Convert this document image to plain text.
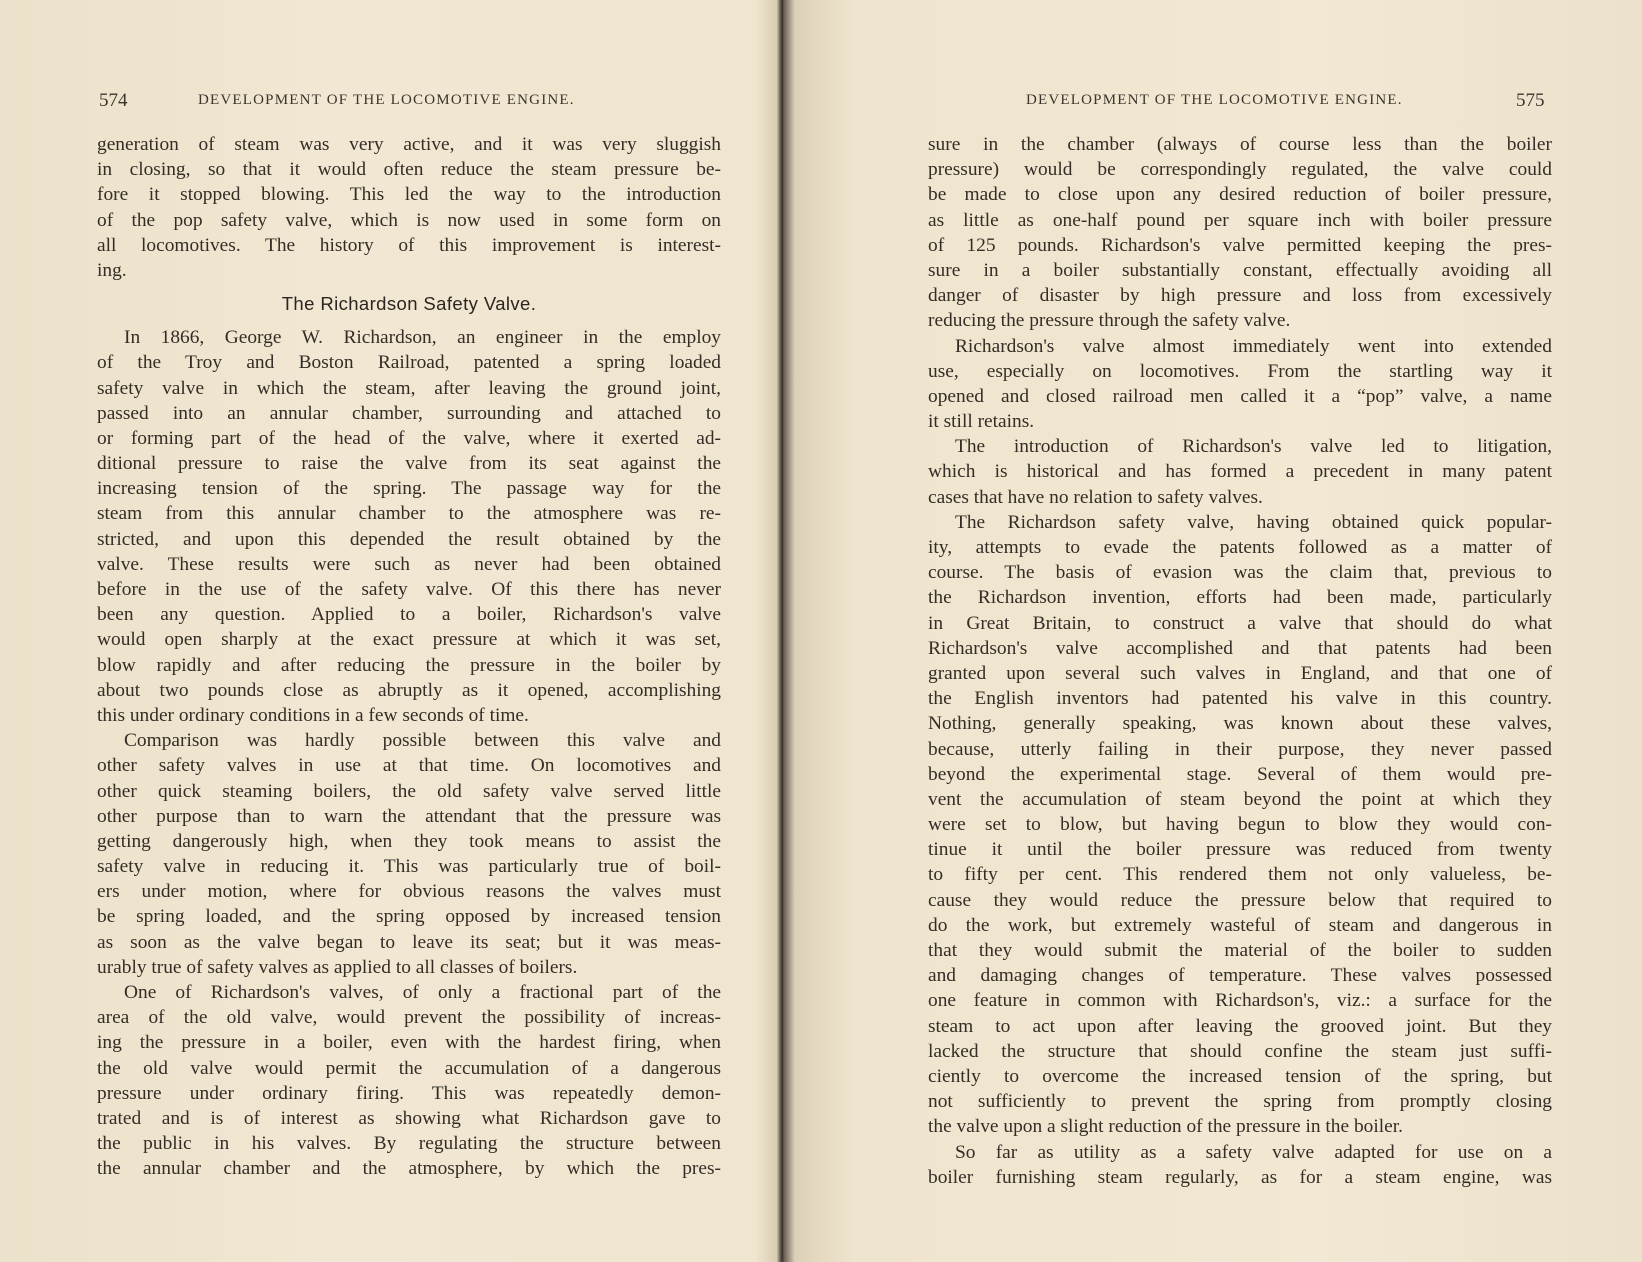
574	DEVELOPMENT OF THE LOCOMOTIVE ENGINE.
generation of steam was very active, and it was very sluggish
in closing, so that it would often reduce the steam pressure be-
fore it stopped blowing. This led the way to the introduction
of the pop safety valve, which is now used in some form on
all locomotives. The history of this improvement is interest-
ing.
The Richardson Safety Valve.
In 1866, George W. Richardson, an engineer in the employ
of the Troy and Boston Railroad, patented a spring loaded
safety valve in which the steam, after leaving the ground joint,
passed into an annular chamber, surrounding and attached to
or forming part of the head of the valve, where it exerted ad-
ditional pressure to raise the valve from its seat against the
increasing tension of the spring. The passage way for the
steam from this annular chamber to the atmosphere was re-
stricted, and upon this depended the result obtained by the
valve. These results were such as never had been obtained
before in the use of the safety valve. Of this there has never
been any question. Applied to a boiler, Richardson's valve
would open sharply at the exact pressure at which it was set,
blow rapidly and after reducing the pressure in the boiler by
about two pounds close as abruptly as it opened, accomplishing
this under ordinary conditions in a few seconds of time.
Comparison was hardly possible between this valve and
other safety valves in use at that time. On locomotives and
other quick steaming boilers, the old safety valve served little
other purpose than to warn the attendant that the pressure was
getting dangerously high, when they took means to assist the
safety valve in reducing it. This was particularly true of boil-
ers under motion, where for obvious reasons the valves must
be spring loaded, and the spring opposed by increased tension
as soon as the valve began to leave its seat; but it was meas-
urably true of safety valves as applied to all classes of boilers.
One of Richardson's valves, of only a fractional part of the
area of the old valve, would prevent the possibility of increas-
ing the pressure in a boiler, even with the hardest firing, when
the old valve would permit the accumulation of a dangerous
pressure under ordinary firing. This was repeatedly demon-
trated and is of interest as showing what Richardson gave to
the public in his valves. By regulating the structure between
the annular chamber and the atmosphere, by which the pres-
DEVELOPMENT OF THE LOCOMOTIVE ENGINE.	575
sure in the chamber (always of course less than the boiler
pressure) would be correspondingly regulated, the valve could
be made to close upon any desired reduction of boiler pressure,
as little as one-half pound per square inch with boiler pressure
of 125 pounds. Richardson's valve permitted keeping the pres-
sure in a boiler substantially constant, effectually avoiding all
danger of disaster by high pressure and loss from excessively
reducing the pressure through the safety valve.
Richardson's valve almost immediately went into extended
use, especially on locomotives. From the startling way it
opened and closed railroad men called it a “pop” valve, a name
it still retains.
The introduction of Richardson's valve led to litigation,
which is historical and has formed a precedent in many patent
cases that have no relation to safety valves.
The Richardson safety valve, having obtained quick popular-
ity, attempts to evade the patents followed as a matter of
course. The basis of evasion was the claim that, previous to
the Richardson invention, efforts had been made, particularly
in Great Britain, to construct a valve that should do what
Richardson's valve accomplished and that patents had been
granted upon several such valves in England, and that one of
the English inventors had patented his valve in this country.
Nothing, generally speaking, was known about these valves,
because, utterly failing in their purpose, they never passed
beyond the experimental stage. Several of them would pre-
vent the accumulation of steam beyond the point at which they
were set to blow, but having begun to blow they would con-
tinue it until the boiler pressure was reduced from twenty
to fifty per cent. This rendered them not only valueless, be-
cause they would reduce the pressure below that required to
do the work, but extremely wasteful of steam and dangerous in
that they would submit the material of the boiler to sudden
and damaging changes of temperature. These valves possessed
one feature in common with Richardson's, viz.: a surface for the
steam to act upon after leaving the grooved joint. But they
lacked the structure that should confine the steam just suffi-
ciently to overcome the increased tension of the spring, but
not sufficiently to prevent the spring from promptly closing
the valve upon a slight reduction of the pressure in the boiler.
So far as utility as a safety valve adapted for use on a
boiler furnishing steam regularly, as for a steam engine, was
